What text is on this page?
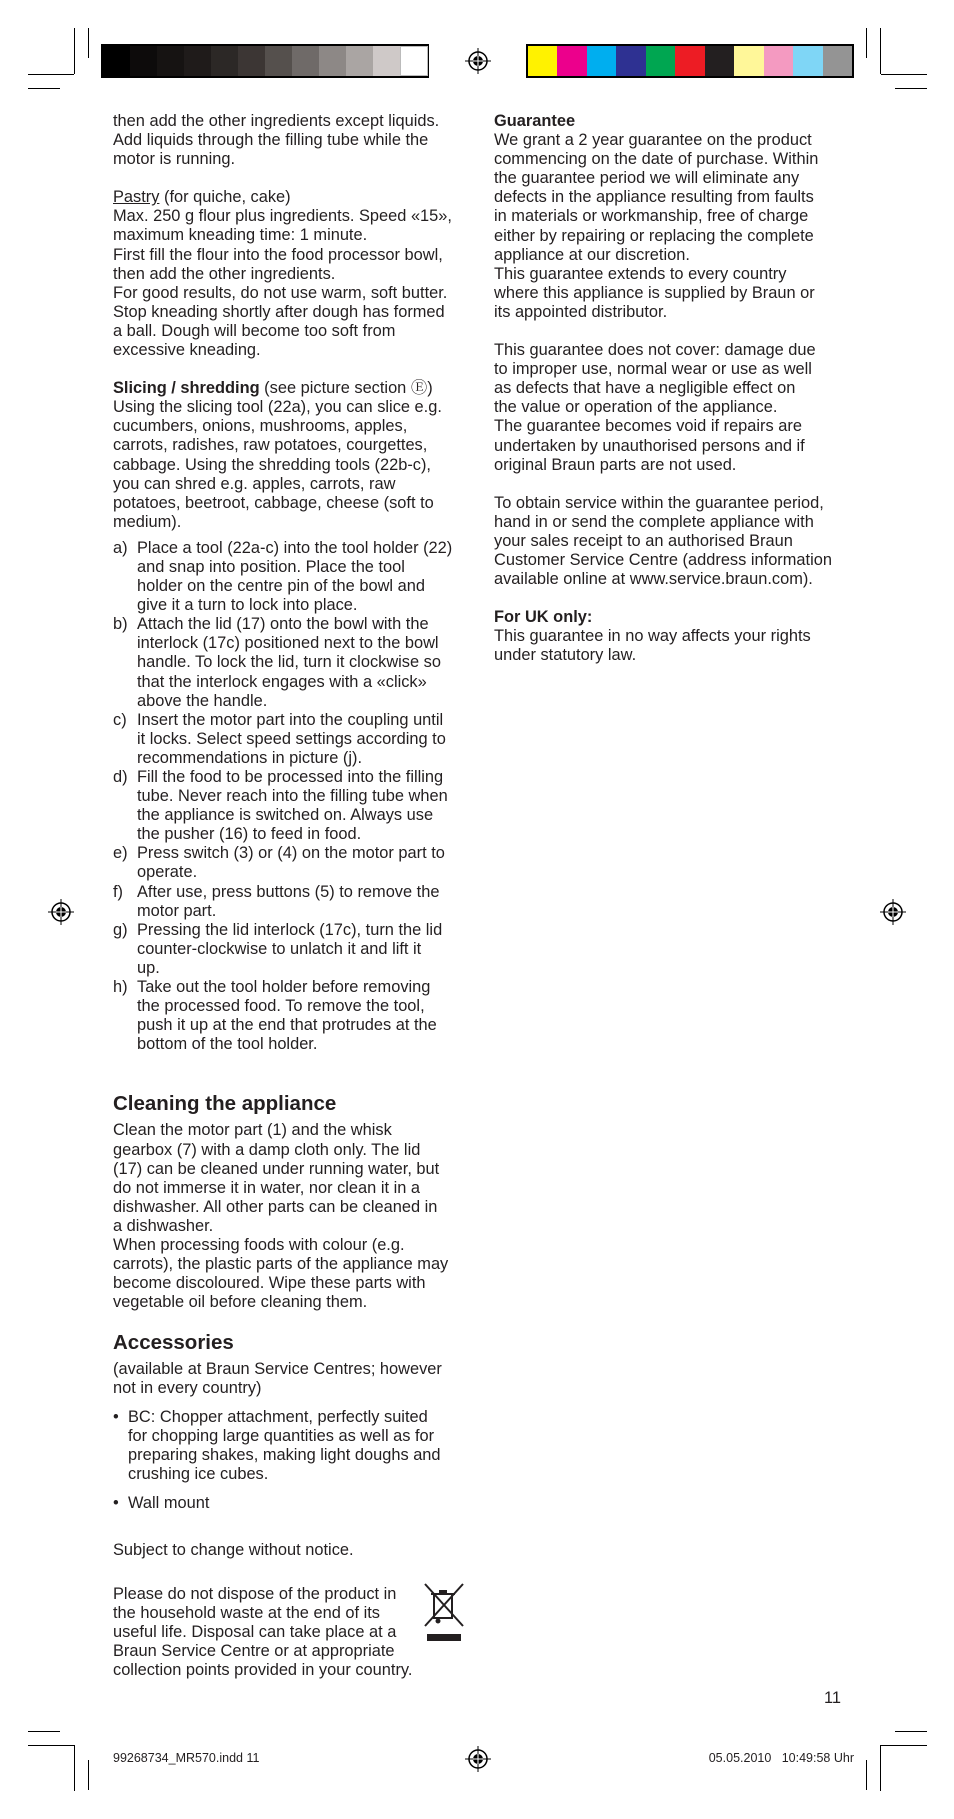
then add the other ingredients except liquids.
Add liquids through the filling tube while the
motor is running.

Pastry (for quiche, cake)

Max. 250 g flour plus ingredients. Speed «15»,
maximum kneading time: 1 minute.
First fill the flour into the food processor bowl,
then add the other ingredients.
For good results, do not use warm, soft butter.
Stop kneading shortly after dough has formed
a ball. Dough will become too soft from
excessive kneading.

Slicing / shredding (see picture section Ⓔ)

Using the slicing tool (22a), you can slice e.g.
cucumbers, onions, mushrooms, apples,
carrots, radishes, raw potatoes, courgettes,
cabbage. Using the shredding tools (22b-c),
you can shred e.g. apples, carrots, raw
potatoes, beetroot, cabbage, cheese (soft to
medium).

a) Place a tool (22a-c) into the tool holder (22)
and snap into position. Place the tool
holder on the centre pin of the bowl and
give it a turn to lock into place.
b) Attach the lid (17) onto the bowl with the
interlock (17c) positioned next to the bowl
handle. To lock the lid, turn it clockwise so
that the interlock engages with a «click»
above the handle.
c) Insert the motor part into the coupling until
it locks. Select speed settings according to
recommendations in picture (j).
d) Fill the food to be processed into the filling
tube. Never reach into the filling tube when
the appliance is switched on. Always use
the pusher (16) to feed in food.
e) Press switch (3) or (4) on the motor part to
operate.
f) After use, press buttons (5) to remove the
motor part.
g) Pressing the lid interlock (17c), turn the lid
counter-clockwise to unlatch it and lift it
up.
h) Take out the tool holder before removing
the processed food. To remove the tool,
push it up at the end that protrudes at the
bottom of the tool holder.
Cleaning the appliance

Clean the motor part (1) and the whisk
gearbox (7) with a damp cloth only. The lid
(17) can be cleaned under running water, but
do not immerse it in water, nor clean it in a
dishwasher. All other parts can be cleaned in
a dishwasher.
When processing foods with colour (e.g.
carrots), the plastic parts of the appliance may
become discoloured. Wipe these parts with
vegetable oil before cleaning them.

Accessories

(available at Braun Service Centres; however
not in every country)

• BC: Chopper attachment, perfectly suited
for chopping large quantities as well as for
preparing shakes, making light doughs and
crushing ice cubes.
• Wall mount

Subject to change without notice.

Please do not dispose of the product in
the household waste at the end of its
useful life. Disposal can take place at a
Braun Service Centre or at appropriate
collection points provided in your country.

Guarantee

We grant a 2 year guarantee on the product
commencing on the date of purchase. Within
the guarantee period we will eliminate any
defects in the appliance resulting from faults
in materials or workmanship, free of charge
either by repairing or replacing the complete
appliance at our discretion.
This guarantee extends to every country
where this appliance is supplied by Braun or
its appointed distributor.

This guarantee does not cover: damage due
to improper use, normal wear or use as well
as defects that have a negligible effect on
the value or operation of the appliance.
The guarantee becomes void if repairs are
undertaken by unauthorised persons and if
original Braun parts are not used.

To obtain service within the guarantee period,
hand in or send the complete appliance with
your sales receipt to an authorised Braun
Customer Service Centre (address information
available online at www.service.braun.com).

For UK only:

This guarantee in no way affects your rights
under statutory law.

11
99268734_MR570.indd 11	05.05.2010   10:49:58 Uhr
